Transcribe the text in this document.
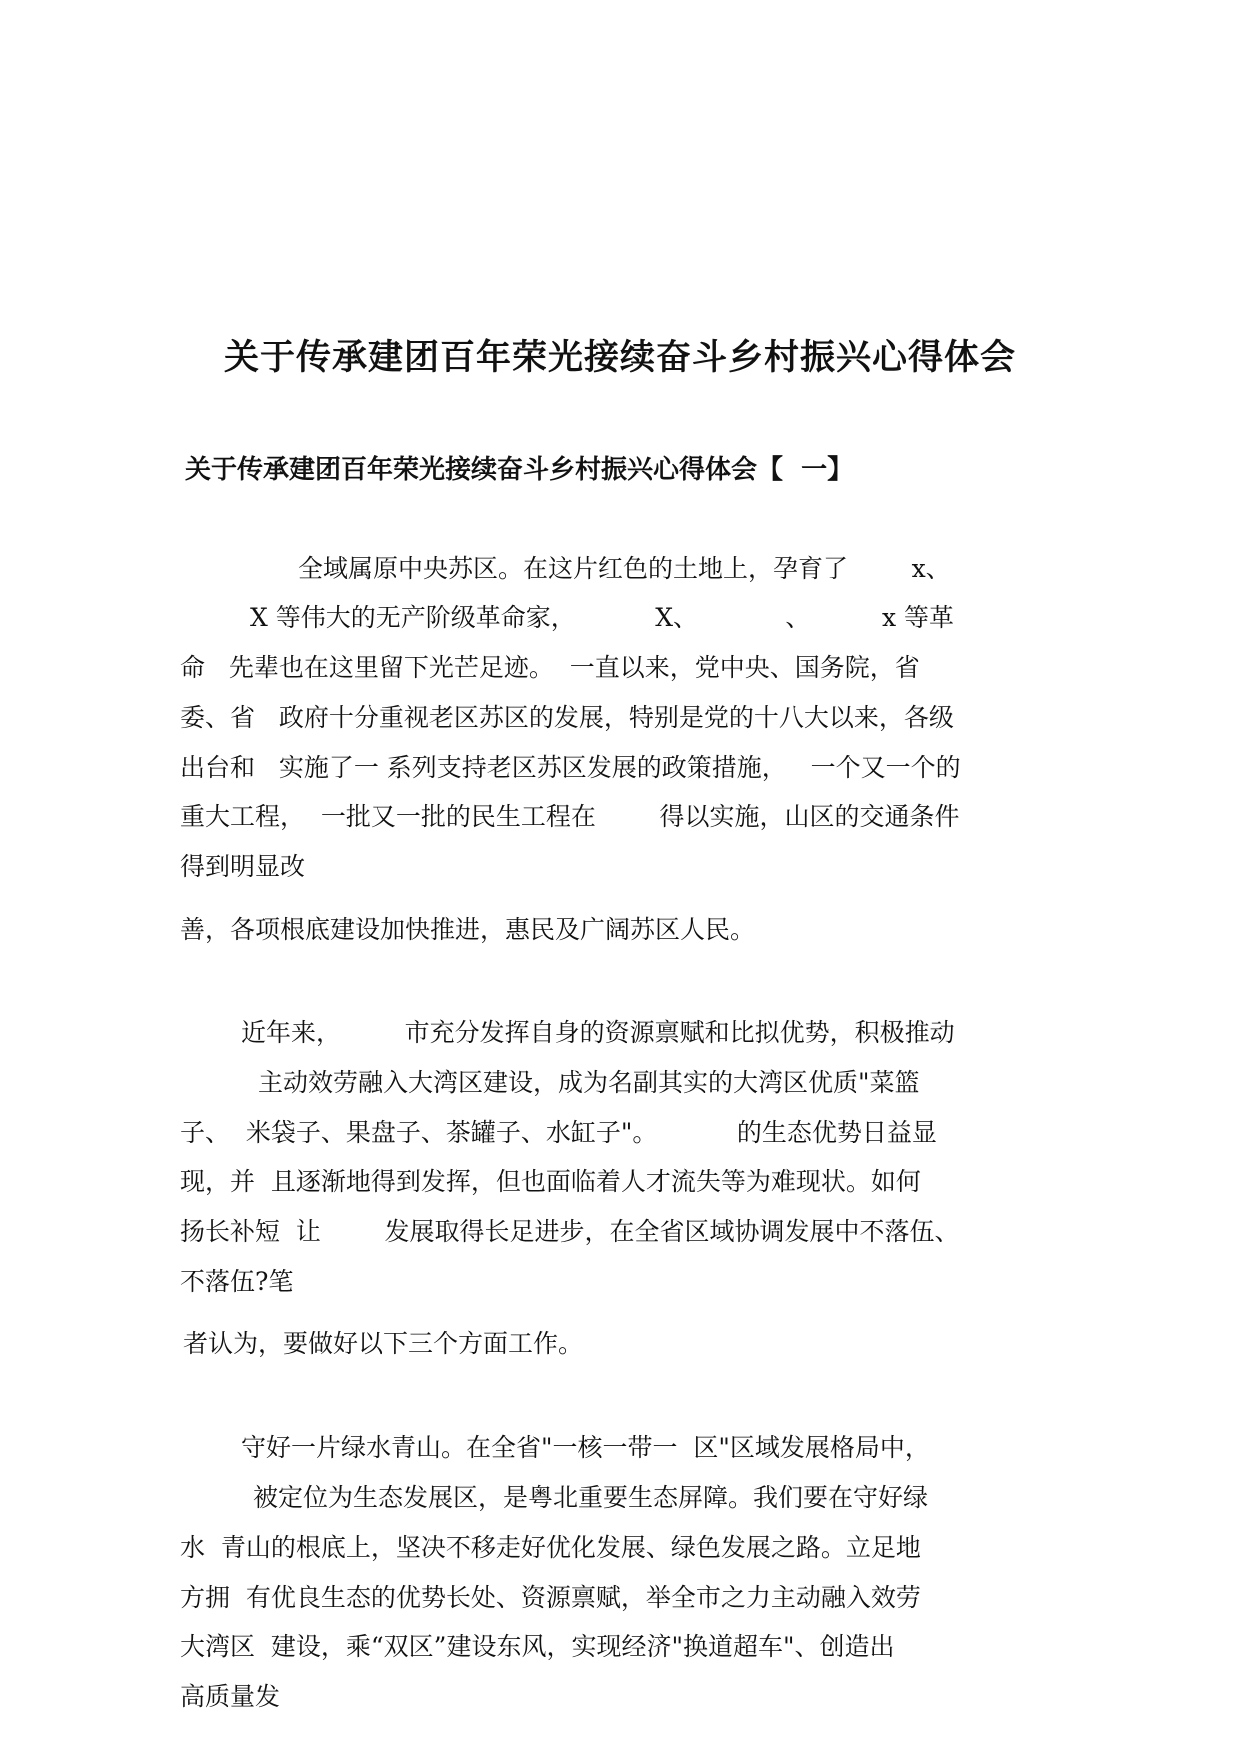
关于传承建团百年荣光接续奋斗乡村振兴心得体会
关于传承建团百年荣光接续奋斗乡村振兴心得体会【  一】

全域属原中央苏区。在这片红色的土地上，孕育了        x、

X 等伟大的无产阶级革命家，          X、           、         x 等革

命   先辈也在这里留下光芒足迹。  一直以来，党中央、国务院，省

委、省   政府十分重视老区苏区的发展，特别是党的十八大以来，各级

出台和   实施了一 系列支持老区苏区发展的政策措施，   一个又一个的

重大工程，  一批又一批的民生工程在        得以实施，山区的交通条件

得到明显改

善，各项根底建设加快推进，惠民及广阔苏区人民。

近年来，        市充分发挥自身的资源禀赋和比拟优势，积极推动

主动效劳融入大湾区建设，成为名副其实的大湾区优质"菜篮

子、  米袋子、果盘子、茶罐子、水缸子"。          的生态优势日益显

现，并  且逐渐地得到发挥，但也面临着人才流失等为难现状。如何

扬长补短  让        发展取得长足进步，在全省区域协调发展中不落伍、

不落伍?笔

者认为，要做好以下三个方面工作。

守好一片绿水青山。在全省"一核一带一  区"区域发展格局中，

被定位为生态发展区，是粤北重要生态屏障。我们要在守好绿

水  青山的根底上，坚决不移走好优化发展、绿色发展之路。立足地

方拥  有优良生态的优势长处、资源禀赋，举全市之力主动融入效劳

大湾区  建设，乘“双区”建设东风，实现经济"换道超车"、创造出

高质量发
